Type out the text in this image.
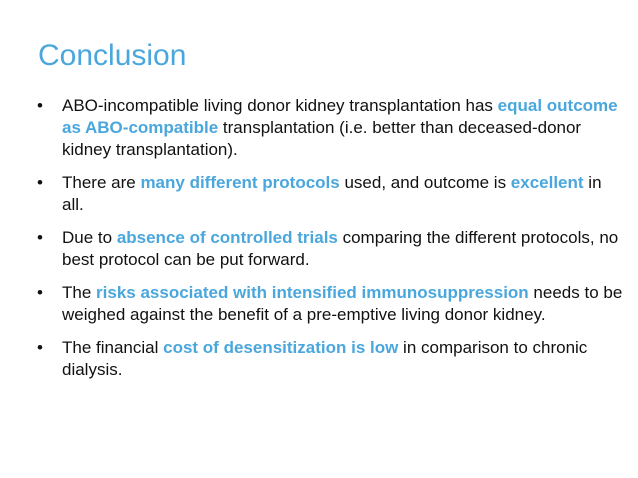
Conclusion
• ABO-incompatible living donor kidney transplantation has equal outcome as ABO-compatible transplantation (i.e. better than deceased-donor kidney transplantation).
• There are many different protocols used, and outcome is excellent in all.
• Due to absence of controlled trials comparing the different protocols, no best protocol can be put forward.
• The risks associated with intensified immunosuppression needs to be weighed against the benefit of a pre-emptive living donor kidney.
• The financial cost of desensitization is low in comparison to chronic dialysis.
